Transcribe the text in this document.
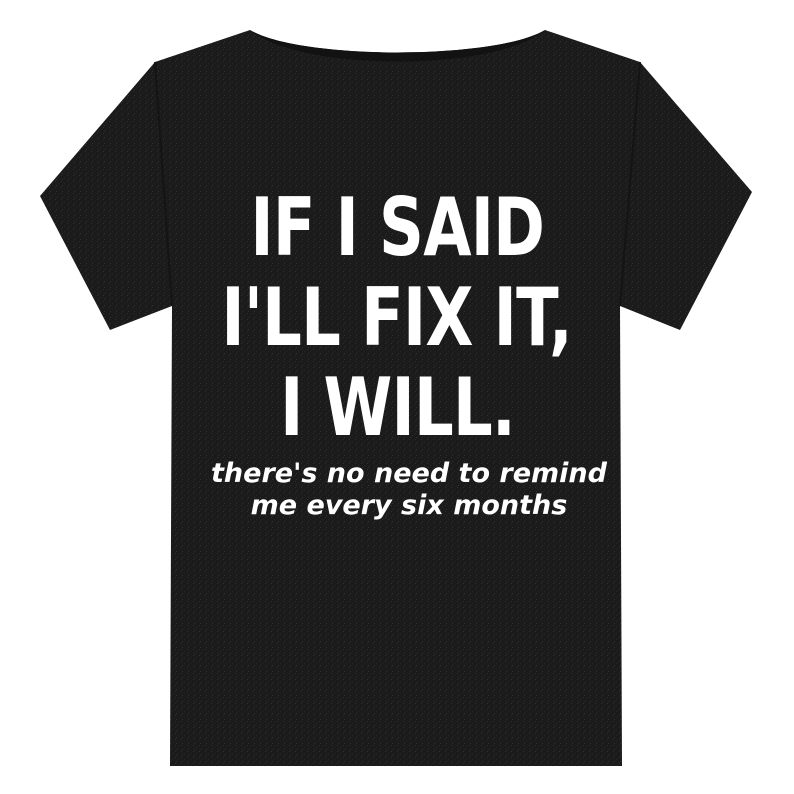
IF I SAID
I'LL FIX IT,
I WILL.
there's no need to remind
me every six months
